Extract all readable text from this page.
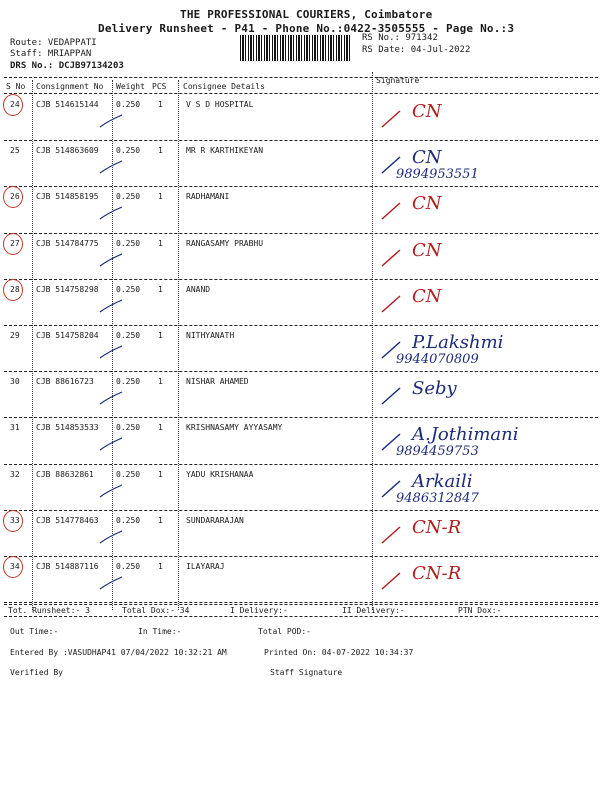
THE PROFESSIONAL COURIERS, Coimbatore
Delivery Runsheet - P41 - Phone No.:0422-3505555 - Page No.:3
Route: VEDAPPATI
Staff: MRIAPPAN
DRS No.: DCJB97134203
RS No.: 971342
RS Date: 04-Jul-2022
S No Consignment No Weight PCS Consignee Details
Signature
24 CJB 514615144 0.250 1	V S D HOSPITAL	CN
25 CJB 514863609 0.250 1	MR R KARTHIKEYAN	CN
9894953551
26 CJB 514858195 0.250 1	RADHAMANI	CN
27 CJB 514784775 0.250 1	RANGASAMY PRABHU	CN
28 CJB 514758298 0.250 1	ANAND	CN
29 CJB 514758204 0.250 1	NITHYANATH	P.Lakshmi
9944070809
30 CJB 88616723	0.250 1	NISHAR AHAMED	Seby
31 CJB 514853533 0.250 1	KRISHNASAMY AYYASAMY	A.Jothimani
9894459753
32 CJB 88632861	0.250 1	YADU KRISHANAA	Arkaili
9486312847
33 CJB 514778463 0.250 1	SUNDARARAJAN	CN-R
34 CJB 514887116 0.250 1	ILAYARAJ	CN-R
Tot. Runsheet:- 3	Total Dox:- 34	I Delivery:-	II Delivery:-	PTN Dox:-
Out Time:-	In Time:-	Total POD:-
Entered By :VASUDHAP41 07/04/2022 10:32:21 AM	Printed On: 04-07-2022 10:34:37
Verified By	Staff Signature
